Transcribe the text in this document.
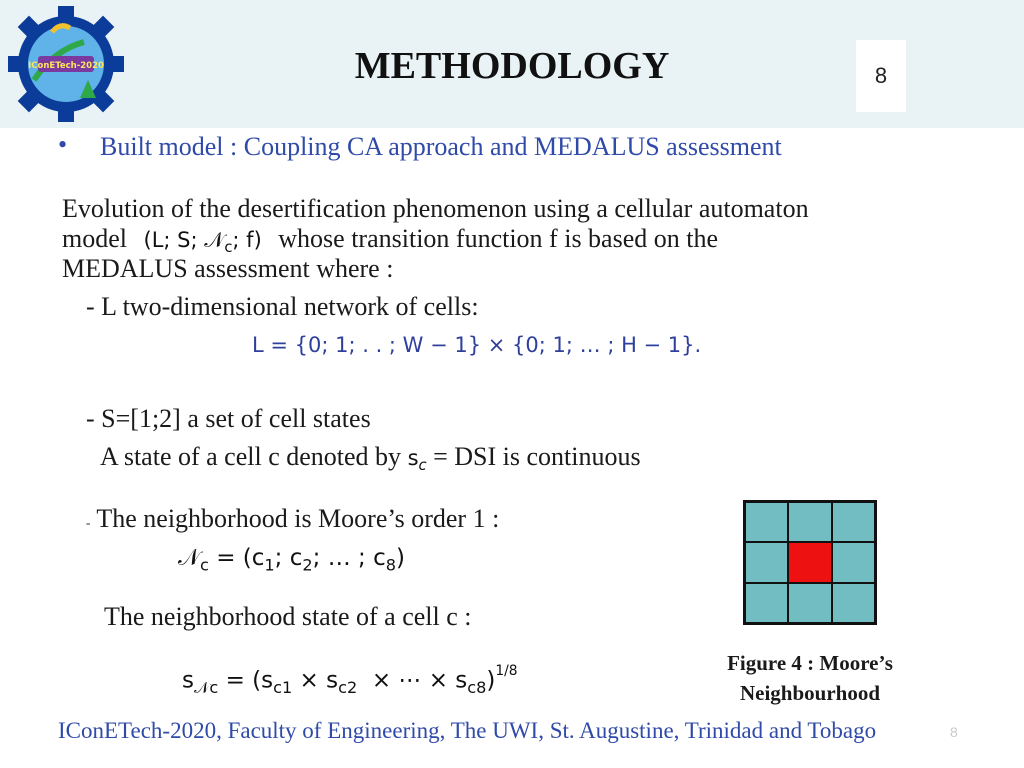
IConETech-2020	METHODOLOGY	8
• Built model : Coupling CA approach and MEDALUS assessment
Evolution of the desertification phenomenon using a cellular automaton
model (L; S; 𝒩$_c$; f) whose transition function f is based on the
MEDALUS assessment where :
- L two-dimensional network of cells:
L = {0; 1; . . ; W − 1} × {0; 1; … ; H − 1}.
- S=[1;2] a set of cell states
A state of a cell c denoted by $s_c$ = DSI is continuous
- The neighborhood is Moore’s order 1 :
𝒩$_c$ = ($c_1$; $c_2$; … ; $c_8$)
The neighborhood state of a cell c :
$s_{𝒩c} = (s_{c1} \times s_{c2}$  × ⋯ × $s_{c8})^{1/8}$	Figure 4 : Moore’s
Neighbourhood
IConETech-2020, Faculty of Engineering, The UWI, St. Augustine, Trinidad and Tobago	8
